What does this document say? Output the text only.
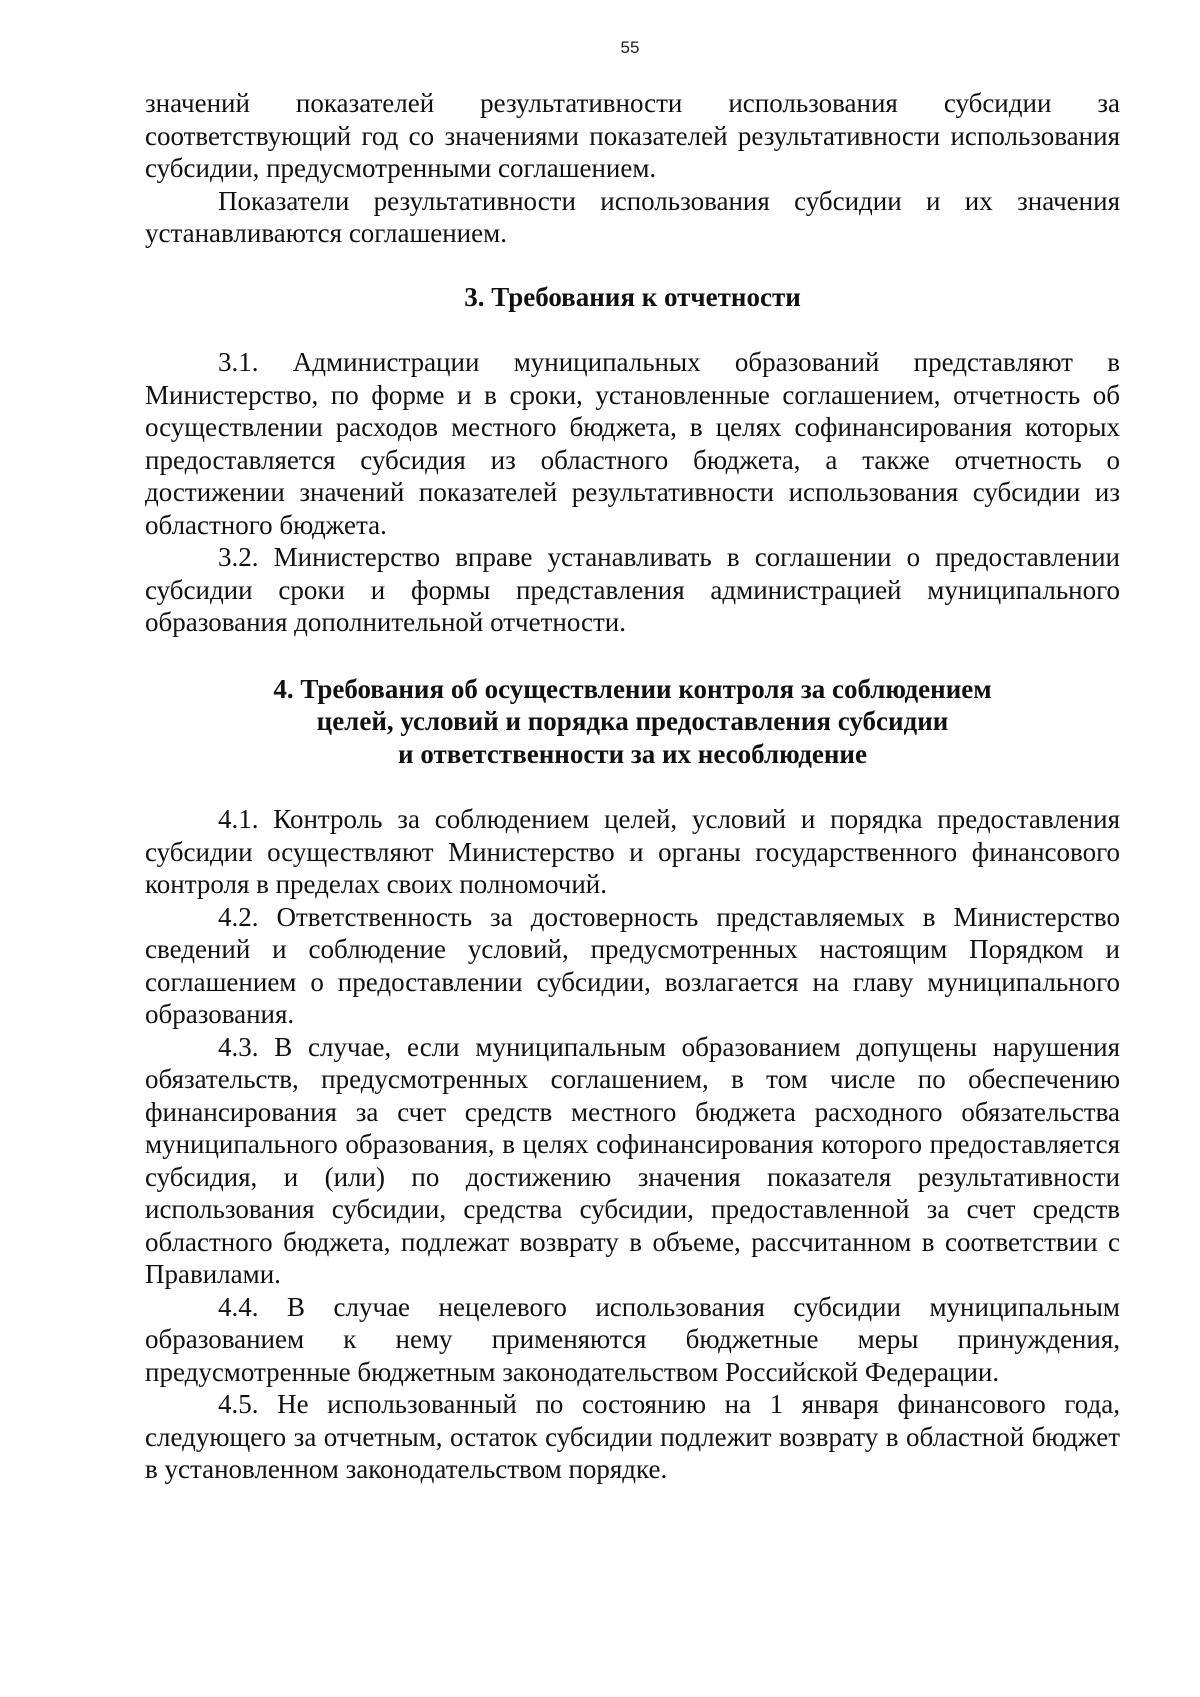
55

значений показателей результативности использования субсидии за соответствующий год со значениями показателей результативности использования субсидии, предусмотренными соглашением.

Показатели результативности использования субсидии и их значения устанавливаются соглашением.

3. Требования к отчетности

3.1. Администрации муниципальных образований представляют в Министерство, по форме и в сроки, установленные соглашением, отчетность об осуществлении расходов местного бюджета, в целях софинансирования которых предоставляется субсидия из областного бюджета, а также отчетность о достижении значений показателей результативности использования субсидии из областного бюджета.

3.2. Министерство вправе устанавливать в соглашении о предоставлении субсидии сроки и формы представления администрацией муниципального образования дополнительной отчетности.

4. Требования об осуществлении контроля за соблюдением
целей, условий и порядка предоставления субсидии
и ответственности за их несоблюдение

4.1. Контроль за соблюдением целей, условий и порядка предоставления субсидии осуществляют Министерство и органы государственного финансового контроля в пределах своих полномочий.

4.2. Ответственность за достоверность представляемых в Министерство сведений и соблюдение условий, предусмотренных настоящим Порядком и соглашением о предоставлении субсидии, возлагается на главу муниципального образования.

4.3. В случае, если муниципальным образованием допущены нарушения обязательств, предусмотренных соглашением, в том числе по обеспечению финансирования за счет средств местного бюджета расходного обязательства муниципального образования, в целях софинансирования которого предоставляется субсидия, и (или) по достижению значения показателя результативности использования субсидии, средства субсидии, предоставленной за счет средств областного бюджета, подлежат возврату в объеме, рассчитанном в соответствии с Правилами.

4.4. В случае нецелевого использования субсидии муниципальным образованием к нему применяются бюджетные меры принуждения, предусмотренные бюджетным законодательством Российской Федерации.

4.5. Не использованный по состоянию на 1 января финансового года, следующего за отчетным, остаток субсидии подлежит возврату в областной бюджет в установленном законодательством порядке.
